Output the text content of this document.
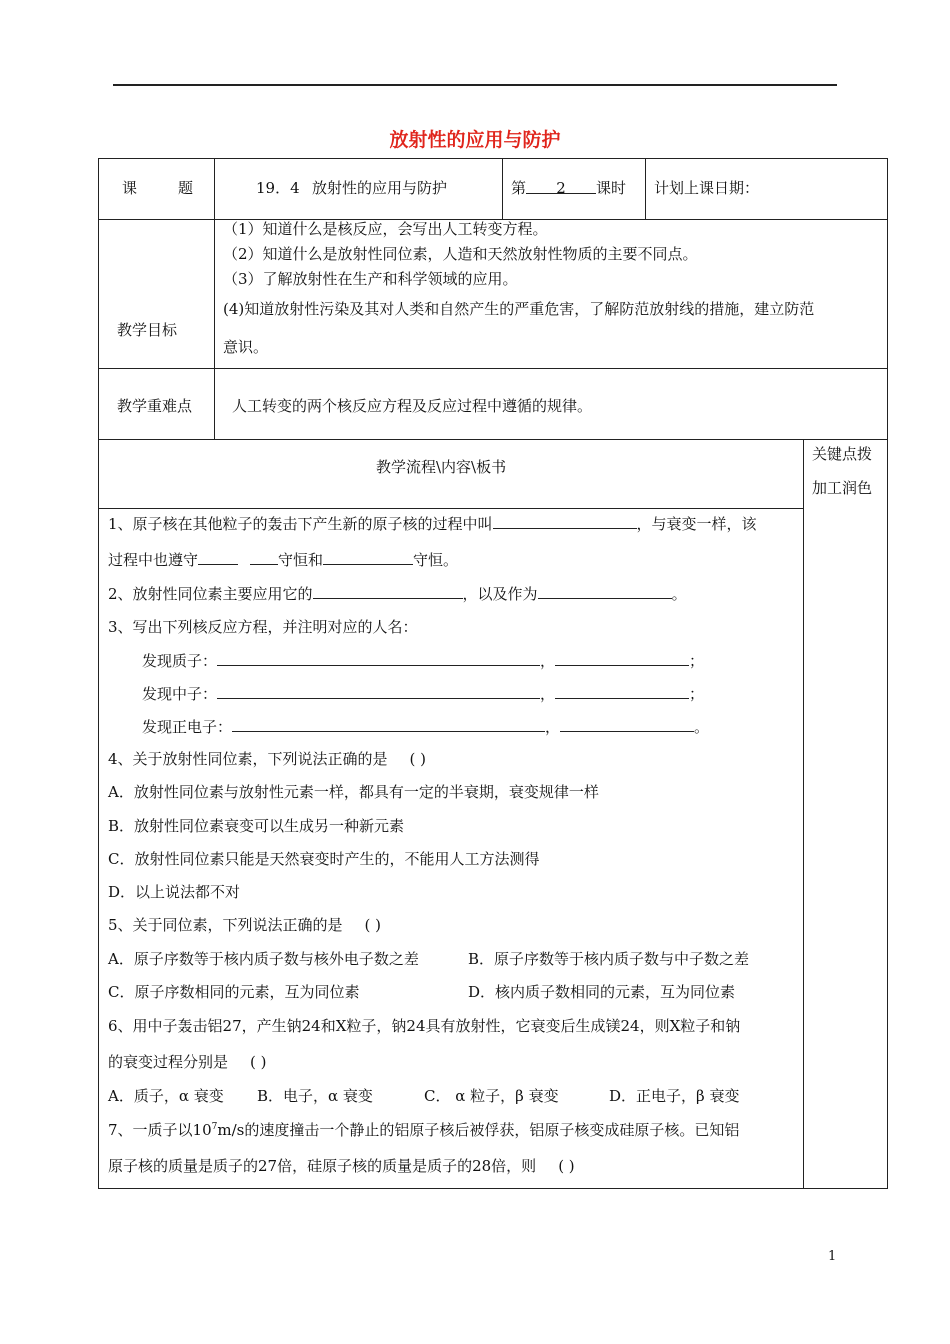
放射性的应用与防护
课	题	19．4 放射性的应用与防护	第 2 课时 计划上课日期：
教学目标
（1）知道什么是核反应，会写出人工转变方程。
（2）知道什么是放射性同位素，人造和天然放射性物质的主要不同点。
（3）了解放射性在生产和科学领域的应用。
(4)知道放射性污染及其对人类和自然产生的严重危害，了解防范放射线的措施，建立防范
意识。
教学重难点	人工转变的两个核反应方程及反应过程中遵循的规律。
教学流程\内容\板书
关键点拨
加工润色
1、原子核在其他粒子的轰击下产生新的原子核的过程中叫	，与衰变一样，该
过程中也遵守	守恒和	守恒。
2、放射性同位素主要应用它的	，以及作为	。
3、写出下列核反应方程，并注明对应的人名：
发现质子：	，	；
发现中子：	，	；
发现正电子：	，	。
4、关于放射性同位素，下列说法正确的是 ( )
A．放射性同位素与放射性元素一样，都具有一定的半衰期，衰变规律一样
B．放射性同位素衰变可以生成另一种新元素
C．放射性同位素只能是天然衰变时产生的，不能用人工方法测得
D．以上说法都不对
5、关于同位素，下列说法正确的是 ( )
A．原子序数等于核内质子数与核外电子数之差	B．原子序数等于核内质子数与中子数之差
C．原子序数相同的元素，互为同位素	D．核内质子数相同的元素，互为同位素
6、用中子轰击铝27，产生钠24和X粒子，钠24具有放射性，它衰变后生成镁24，则X粒子和钠
的衰变过程分别是 ( )
A．质子，α 衰变 B．电子，α 衰变	C． α 粒子，β 衰变	D．正电子，β 衰变
7、一质子以$10^7m/s$的速度撞击一个静止的铝原子核后被俘获，铝原子核变成硅原子核。已知铝
原子核的质量是质子的27倍，硅原子核的质量是质子的28倍，则 ( )
1
